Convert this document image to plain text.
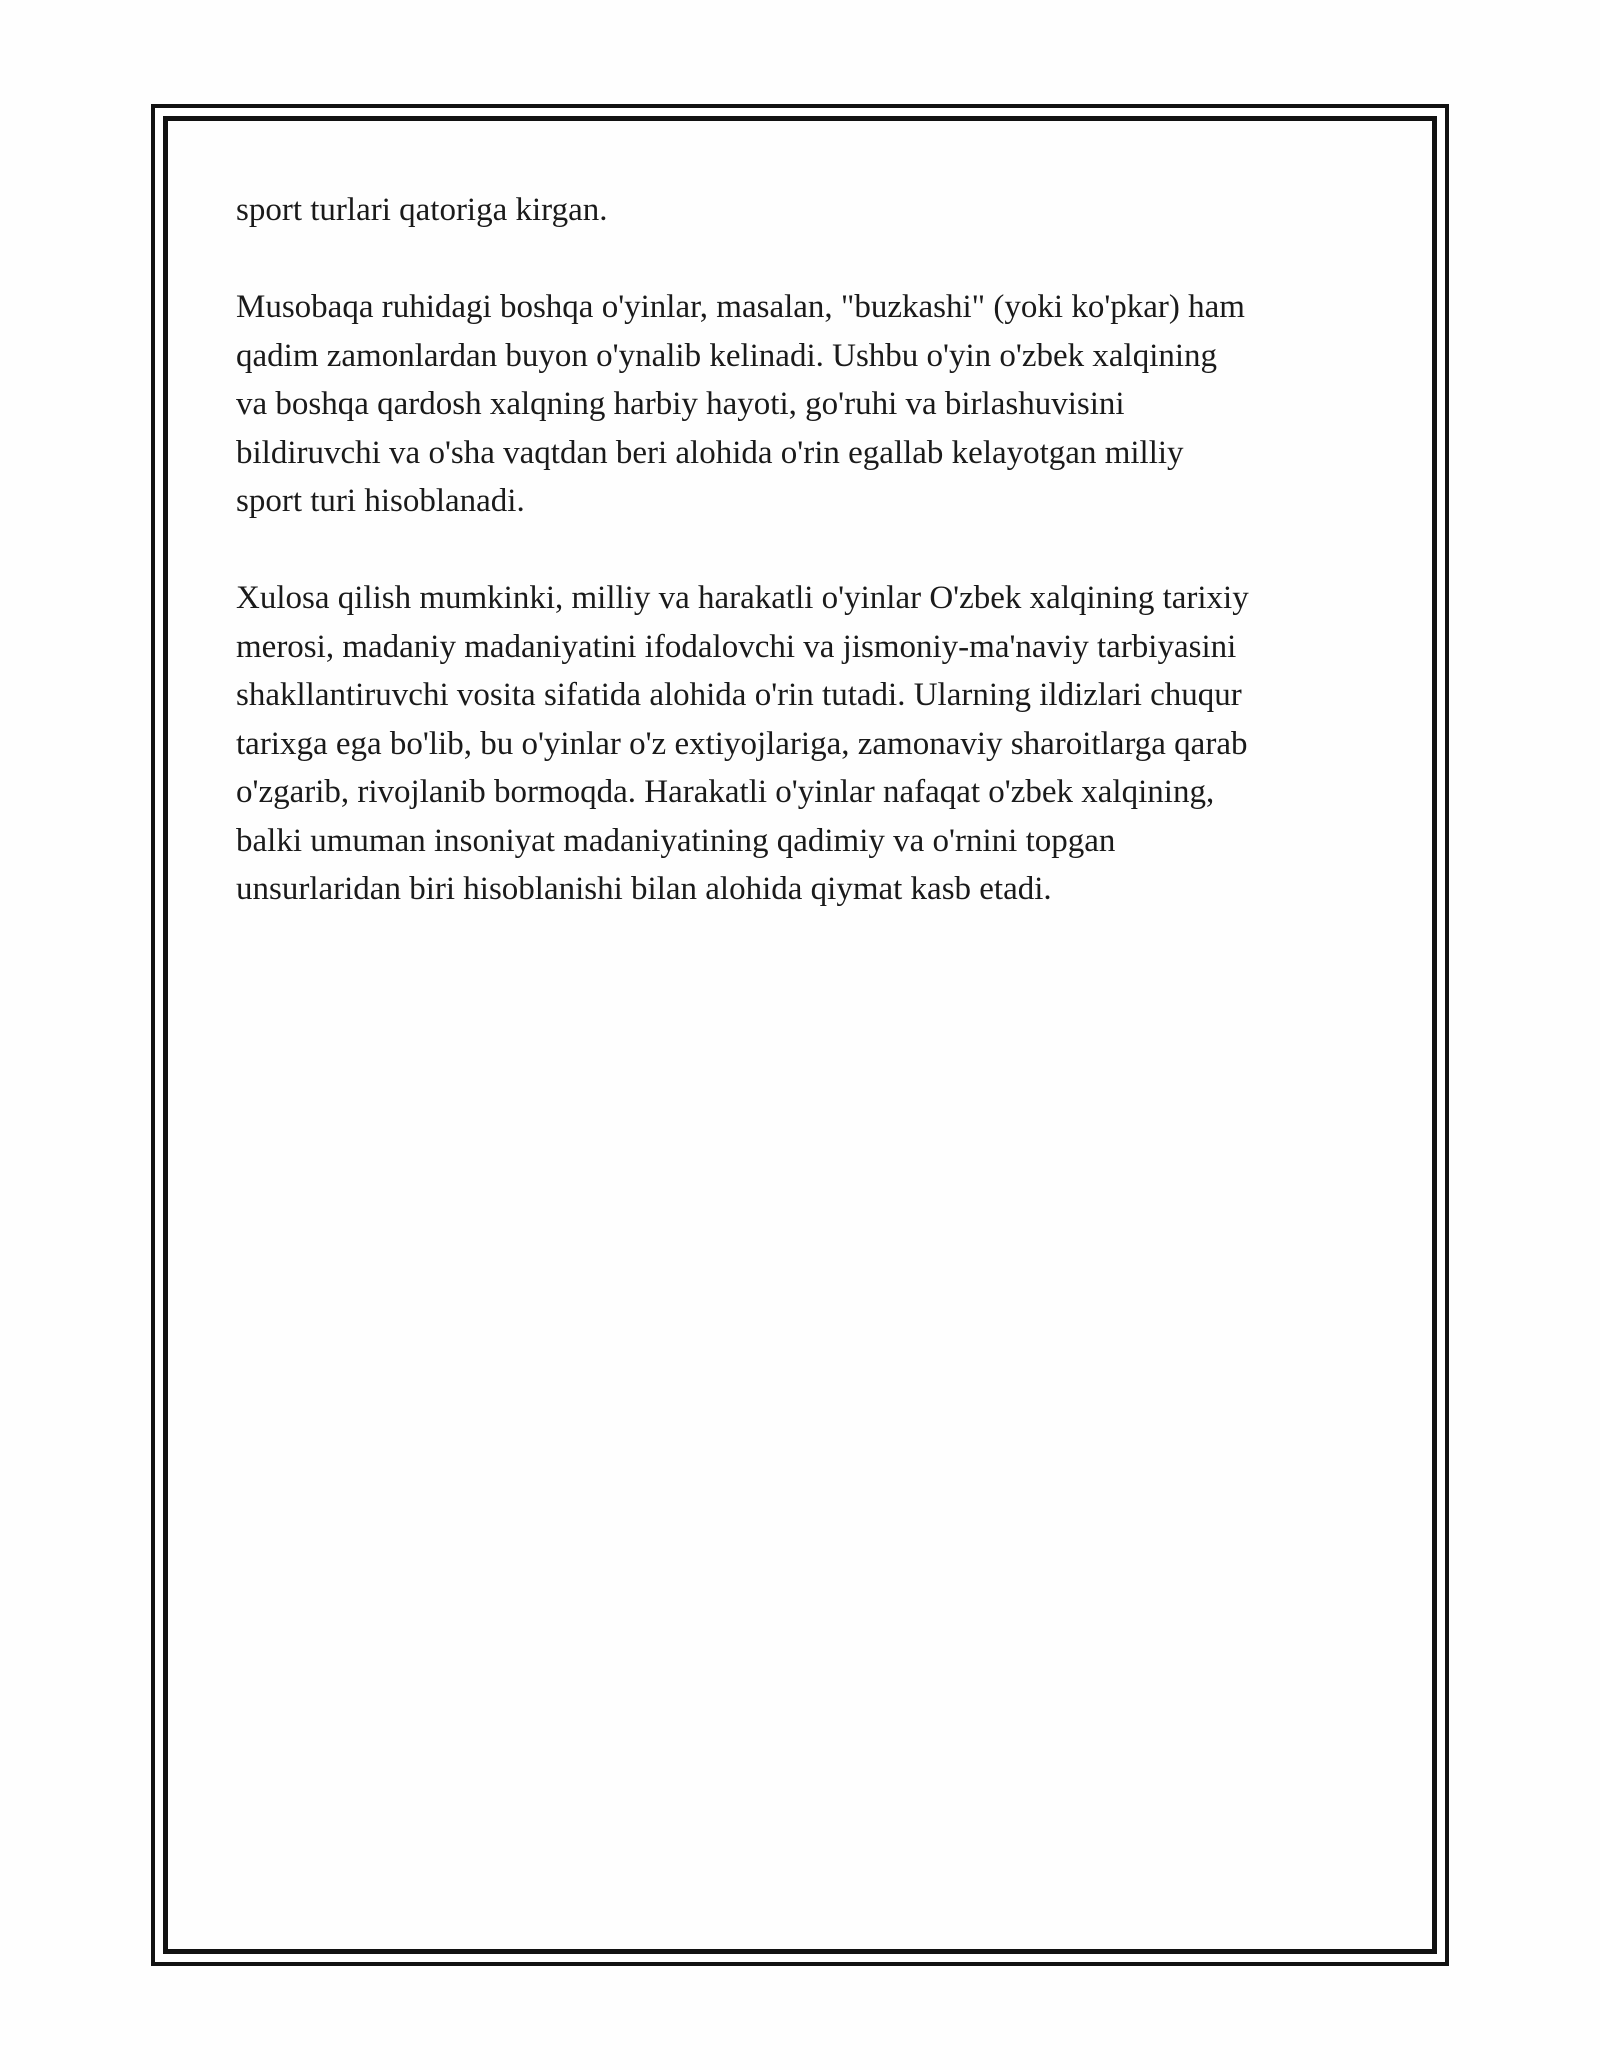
sport turlari qatoriga kirgan.

Musobaqa ruhidagi boshqa o'yinlar, masalan, "buzkashi" (yoki ko'pkar) ham
qadim zamonlardan buyon o'ynalib kelinadi. Ushbu o'yin o'zbek xalqining
va boshqa qardosh xalqning harbiy hayoti, go'ruhi va birlashuvisini
bildiruvchi va o'sha vaqtdan beri alohida o'rin egallab kelayotgan milliy
sport turi hisoblanadi.

Xulosa qilish mumkinki, milliy va harakatli o'yinlar O'zbek xalqining tarixiy
merosi, madaniy madaniyatini ifodalovchi va jismoniy-ma'naviy tarbiyasini
shakllantiruvchi vosita sifatida alohida o'rin tutadi. Ularning ildizlari chuqur
tarixga ega bo'lib, bu o'yinlar o'z extiyojlariga, zamonaviy sharoitlarga qarab
o'zgarib, rivojlanib bormoqda. Harakatli o'yinlar nafaqat o'zbek xalqining,
balki umuman insoniyat madaniyatining qadimiy va o'rnini topgan
unsurlaridan biri hisoblanishi bilan alohida qiymat kasb etadi.
